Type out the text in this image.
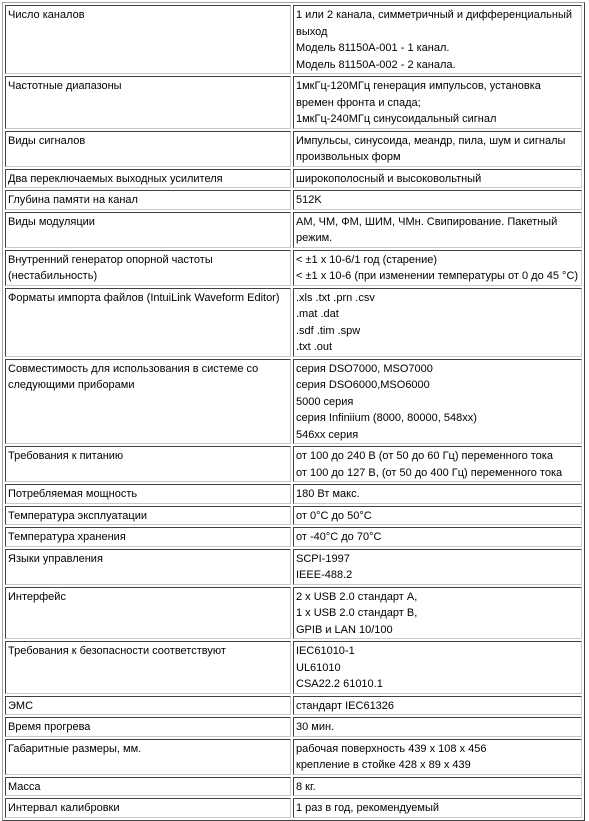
Число каналов	1 или 2 канала, симметричный и дифференциальный выход
Модель 81150A-001 - 1 канал.
Модель 81150A-002 - 2 канала.

Частотные диапазоны	1мкГц-120МГц генерация импульсов, установка времен фронта и спада;
1мкГц-240МГц синусоидальный сигнал

Виды сигналов	Импульсы, синусоида, меандр, пила, шум и сигналы произвольных форм

Два переключаемых выходных усилителя	широкополосный и высоковольтный

Глубина памяти на канал	512K

Виды модуляции	АМ, ЧМ, ФМ, ШИМ, ЧМн. Свипирование. Пакетный режим.

Внутренний генератор опорной частоты (нестабильность)	< ±1 x 10-6/1 год (старение)
< ±1 x 10-6 (при изменении температуры от 0 до 45 °C)

Форматы импорта файлов (IntuiLink Waveform Editor)	.xls .txt .prn .csv
.mat .dat
.sdf .tim .spw
.txt .out

Совместимость для использования в системе со следующими приборами	серия DSO7000, MSO7000
серия DSO6000,MSO6000
5000 серия
серия Infiniium (8000, 80000, 548xx)
546xx серия

Требования к питанию	от 100 до 240 В (от 50 до 60 Гц) переменного тока
от 100 до 127 В, (от 50 до 400 Гц) переменного тока

Потребляемая мощность	180 Вт макс.

Температура эксплуатации	от 0°С до 50°С

Температура хранения	от -40°С до 70°С

Языки управления	SCPI-1997
IEEE-488.2

Интерфейс	2 x USB 2.0 стандарт А,
1 x USB 2.0 стандарт В,
GPIB и LAN 10/100

Требования к безопасности соответствуют	IEC61010-1
UL61010
CSA22.2 61010.1

ЭМС	стандарт IEC61326

Время прогрева	30 мин.

Габаритные размеры, мм.	рабочая поверхность 439 x 108 x 456
крепление в стойке 428 x 89 x 439

Масса	8 кг.

Интервал калибровки	1 раз в год, рекомендуемый
